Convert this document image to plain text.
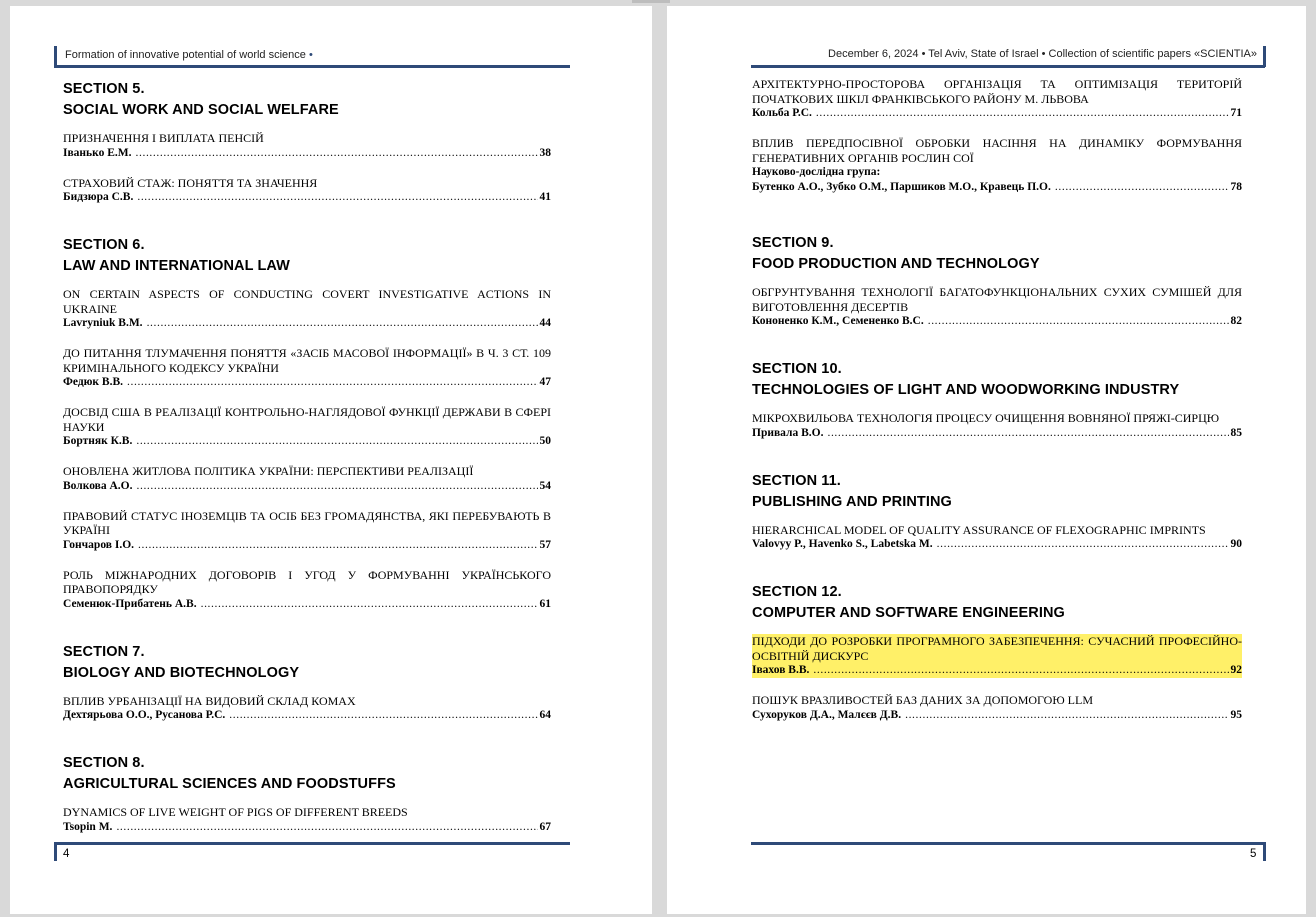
Formation of innovative potential of world science •
SECTION 5.
SOCIAL WORK AND SOCIAL WELFARE
ПРИЗНАЧЕННЯ І ВИПЛАТА ПЕНСІЙ
Іванько Е.М. .....	38
СТРАХОВИЙ СТАЖ: ПОНЯТТЯ ТА ЗНАЧЕННЯ
Бидзюра С.В. .....	41
SECTION 6.
LAW AND INTERNATIONAL LAW
ON CERTAIN ASPECTS OF CONDUCTING COVERT INVESTIGATIVE ACTIONS IN UKRAINE
Lavryniuk B.M. .....	44
ДО ПИТАННЯ ТЛУМАЧЕННЯ ПОНЯТТЯ «ЗАСІБ МАСОВОЇ ІНФОРМАЦІЇ» В Ч. 3 СТ. 109 КРИМІНАЛЬНОГО КОДЕКСУ УКРАЇНИ
Федюк В.В. .....	47
ДОСВІД США В РЕАЛІЗАЦІЇ КОНТРОЛЬНО-НАГЛЯДОВОЇ ФУНКЦІЇ ДЕРЖАВИ В СФЕРІ НАУКИ
Бортняк К.В. .....	50
ОНОВЛЕНА ЖИТЛОВА ПОЛІТИКА УКРАЇНИ: ПЕРСПЕКТИВИ РЕАЛІЗАЦІЇ
Волкова А.О. .....	54
ПРАВОВИЙ СТАТУС ІНОЗЕМЦІВ ТА ОСІБ БЕЗ ГРОМАДЯНСТВА, ЯКІ ПЕРЕБУВАЮТЬ В УКРАЇНІ
Гончаров І.О. .....	57
РОЛЬ МІЖНАРОДНИХ ДОГОВОРІВ І УГОД У ФОРМУВАННІ УКРАЇНСЬКОГО ПРАВОПОРЯДКУ
Семенюк-Прибатень А.В. .....	61
SECTION 7.
BIOLOGY AND BIOTECHNOLOGY
ВПЛИВ УРБАНІЗАЦІЇ НА ВИДОВИЙ СКЛАД КОМАХ
Дехтярьова О.О., Русанова Р.С. .....	64
SECTION 8.
AGRICULTURAL SCIENCES AND FOODSTUFFS
DYNAMICS OF LIVE WEIGHT OF PIGS OF DIFFERENT BREEDS
Tsopin M. .....	67
4
December 6, 2024 • Tel Aviv, State of Israel • Collection of scientific papers «SCIENTIA»
АРХІТЕКТУРНО-ПРОСТОРОВА ОРГАНІЗАЦІЯ ТА ОПТИМІЗАЦІЯ ТЕРИТОРІЙ ПОЧАТКОВИХ ШКІЛ ФРАНКІВСЬКОГО РАЙОНУ М. ЛЬВОВА
Кольба Р.С. .....	71
ВПЛИВ ПЕРЕДПОСІВНОЇ ОБРОБКИ НАСІННЯ НА ДИНАМІКУ ФОРМУВАННЯ ГЕНЕРАТИВНИХ ОРГАНІВ РОСЛИН СОЇ
Науково-дослідна група:
Бутенко А.О., Зубко О.М., Паршиков М.О., Кравець П.О. .....	78
SECTION 9.
FOOD PRODUCTION AND TECHNOLOGY
ОБГРУНТУВАННЯ ТЕХНОЛОГІЇ БАГАТОФУНКЦІОНАЛЬНИХ СУХИХ СУМІШЕЙ ДЛЯ ВИГОТОВЛЕННЯ ДЕСЕРТІВ
Кононенко К.М., Семененко В.С. .....	82
SECTION 10.
TECHNOLOGIES OF LIGHT AND WOODWORKING INDUSTRY
МІКРОХВИЛЬОВА ТЕХНОЛОГІЯ ПРОЦЕСУ ОЧИЩЕННЯ ВОВНЯНОЇ ПРЯЖІ-СИРЦЮ
Привала В.О. .....	85
SECTION 11.
PUBLISHING AND PRINTING
HIERARCHICAL MODEL OF QUALITY ASSURANCE OF FLEXOGRAPHIC IMPRINTS
Valovyy P., Havenko S., Labetska M. .....	90
SECTION 12.
COMPUTER AND SOFTWARE ENGINEERING
ПІДХОДИ ДО РОЗРОБКИ ПРОГРАМНОГО ЗАБЕЗПЕЧЕННЯ: СУЧАСНИЙ ПРОФЕСІЙНО-ОСВІТНІЙ ДИСКУРС
Івахов В.В. .....	92
ПОШУК ВРАЗЛИВОСТЕЙ БАЗ ДАНИХ ЗА ДОПОМОГОЮ LLM
Сухоруков Д.А., Малєєв Д.В. .....	95
5
